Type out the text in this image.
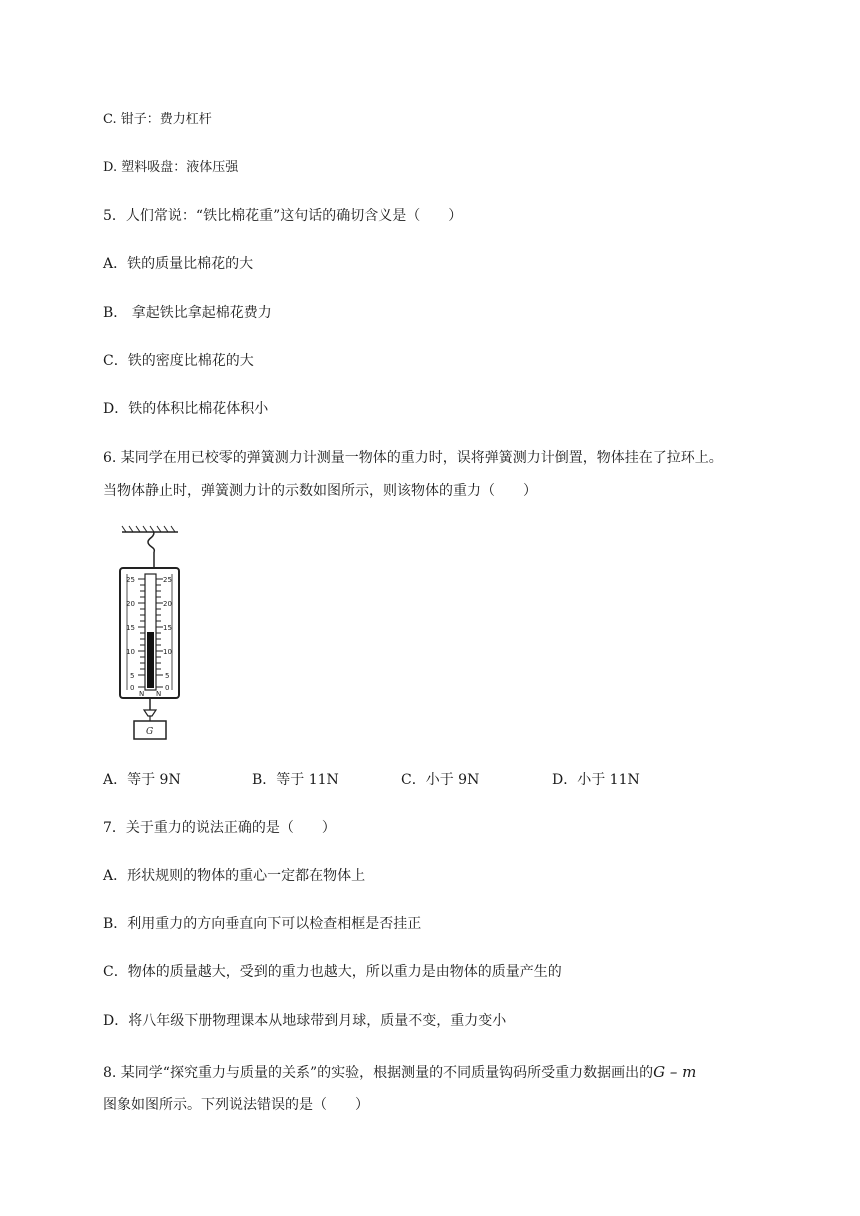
C. 钳子：费力杠杆
D. 塑料吸盘：液体压强
5．人们常说：“铁比棉花重”这句话的确切含义是（　　）
A．铁的质量比棉花的大
B． 拿起铁比拿起棉花费力
C．铁的密度比棉花的大
D．铁的体积比棉花体积小
6. 某同学在用已校零的弹簧测力计测量一物体的重力时，误将弹簧测力计倒置，物体挂在了拉环上。
当物体静止时，弹簧测力计的示数如图所示，则该物体的重力（　　）
25
20
15
10
5
0
25
20
15
10
5
0
N N
G
A．等于 9N	B．等于 11N	C．小于 9N	D．小于 11N
7．关于重力的说法正确的是（　　）
A．形状规则的物体的重心一定都在物体上
B．利用重力的方向垂直向下可以检查相框是否挂正
C．物体的质量越大，受到的重力也越大，所以重力是由物体的质量产生的
D．将八年级下册物理课本从地球带到月球，质量不变，重力变小
8. 某同学“探究重力与质量的关系”的实验，根据测量的不同质量钩码所受重力数据画出的G – m
图象如图所示。下列说法错误的是（　　）
